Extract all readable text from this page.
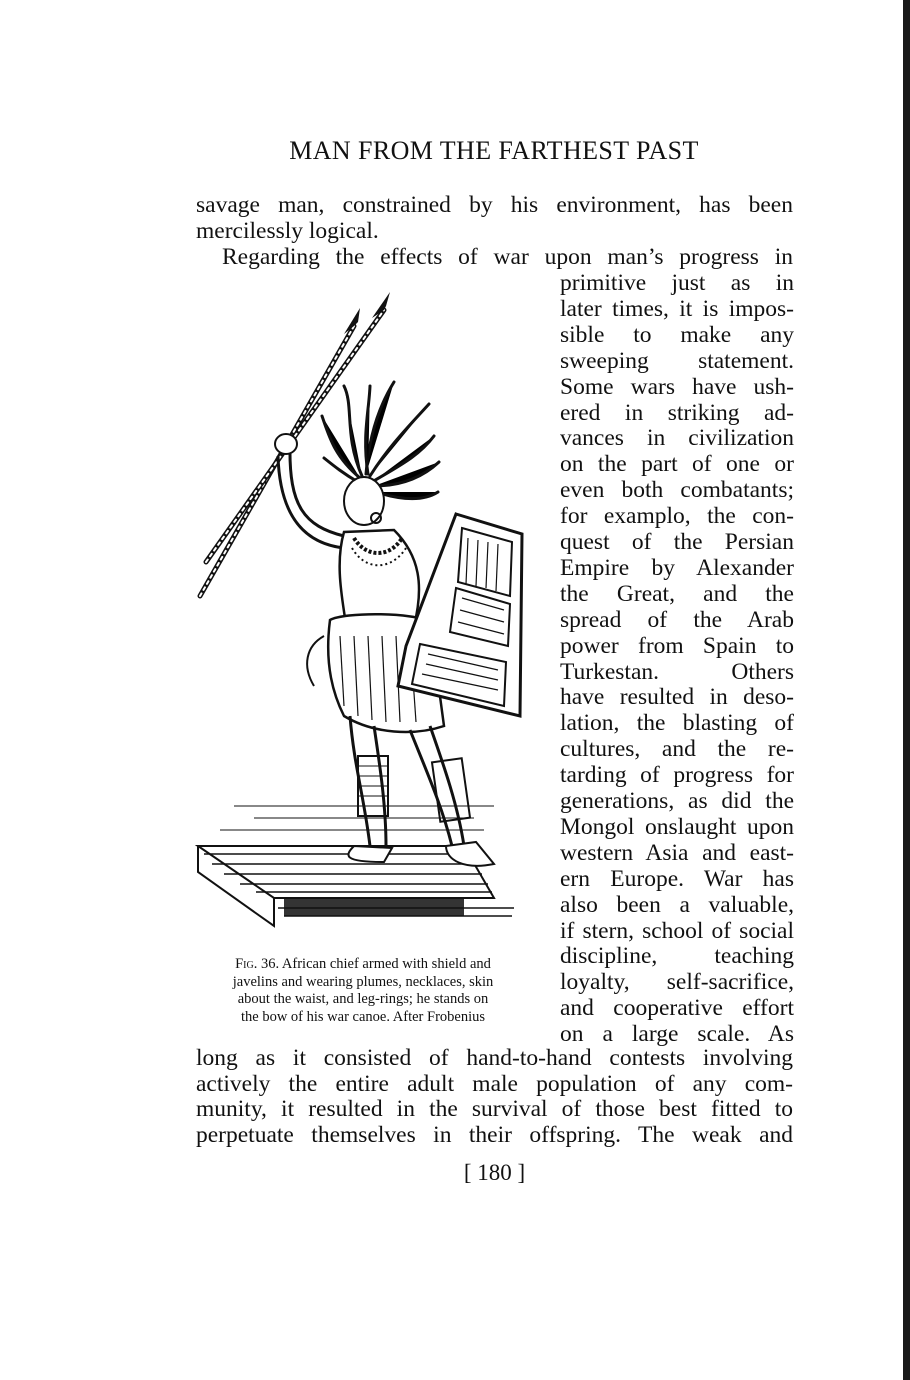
MAN FROM THE FARTHEST PAST
savage man, constrained by his environment, has been
mercilessly logical.
Regarding the effects of war upon man’s progress in
primitive just as in
later times, it is impos-
sible to make any
sweeping statement.
Some wars have ush-
ered in striking ad-
vances in civilization
on the part of one or
even both combatants;
for examplo, the con-
quest of the Persian
Empire by Alexander
the Great, and the
spread of the Arab
power from Spain to
Turkestan. Others
have resulted in deso-
lation, the blasting of
cultures, and the re-
tarding of progress for
generations, as did the
Mongol onslaught upon
western Asia and east-
ern Europe. War has
also been a valuable,
if stern, school of social
discipline, teaching
loyalty, self-sacrifice,
and cooperative effort
on a large scale. As
long as it consisted of hand-to-hand contests involving
actively the entire adult male population of any com-
munity, it resulted in the survival of those best fitted to
perpetuate themselves in their offspring. The weak and
Fig. 36. African chief armed with shield and
javelins and wearing plumes, necklaces, skin
about the waist, and leg-rings; he stands on
the bow of his war canoe. After Frobenius
[ 180 ]
